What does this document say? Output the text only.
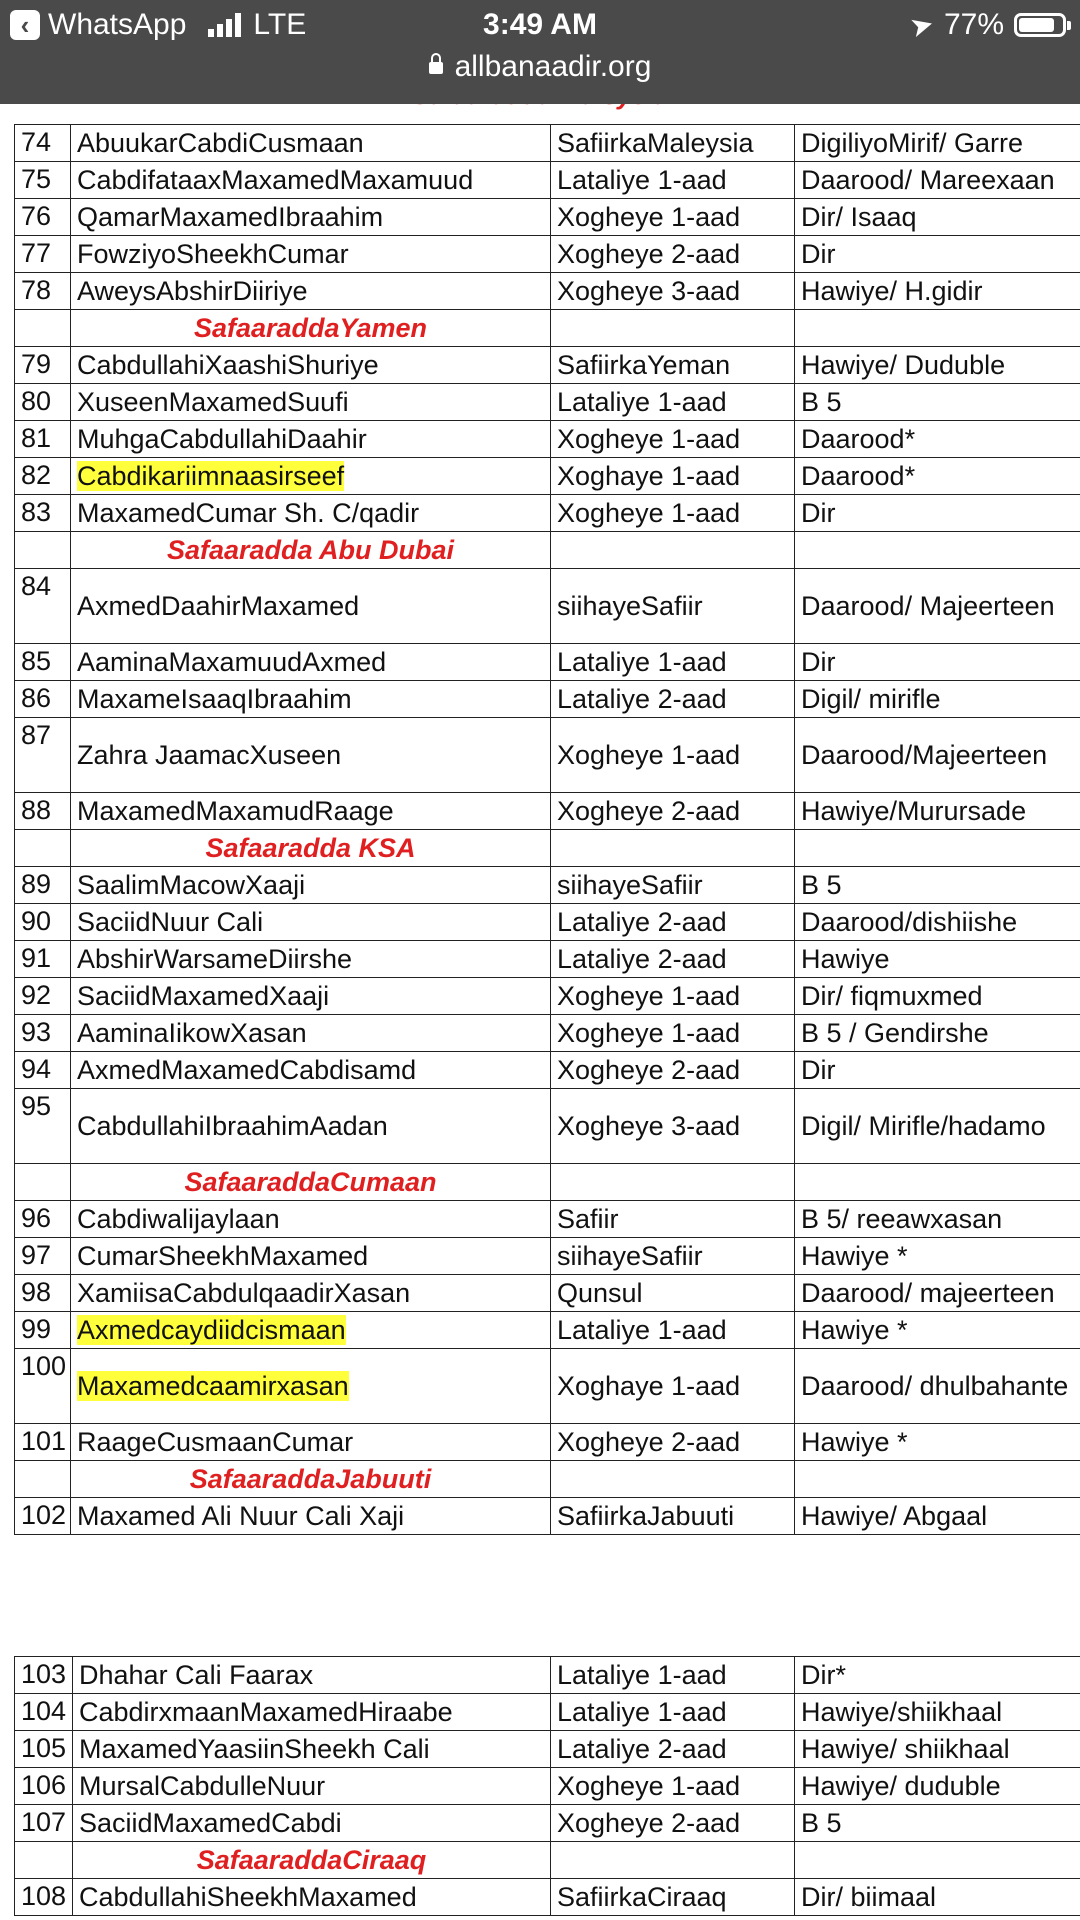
74	AbuukarCabdiCusmaan	SafiirkaMaleysia	DigiliyoMirif/ Garre
75	CabdifataaxMaxamedMaxamuud	Lataliye 1-aad	Daarood/ Mareexaan
76	QamarMaxamedIbraahim	Xogheye 1-aad	Dir/ Isaaq
77	FowziyoSheekhCumar	Xogheye 2-aad	Dir
78	AweysAbshirDiiriye	Xogheye 3-aad	Hawiye/ H.gidir
	SafaaraddaYamen		
79	CabdullahiXaashiShuriye	SafiirkaYeman	Hawiye/ Duduble
80	XuseenMaxamedSuufi	Lataliye 1-aad	B 5
81	MuhgaCabdullahiDaahir	Xogheye 1-aad	Daarood*
82	Cabdikariimnaasirseef	Xoghaye 1-aad	Daarood*
83	MaxamedCumar Sh. C/qadir	Xogheye 1-aad	Dir
	Safaaradda Abu Dubai		
84	AxmedDaahirMaxamed	siihayeSafiir	Daarood/ Majeerteen
85	AaminaMaxamuudAxmed	Lataliye 1-aad	Dir
86	MaxameIsaaqIbraahim	Lataliye 2-aad	Digil/ mirifle
87	Zahra JaamacXuseen	Xogheye 1-aad	Daarood/Majeerteen
88	MaxamedMaxamudRaage	Xogheye 2-aad	Hawiye/Murursade
	Safaaradda KSA		
89	SaalimMacowXaaji	siihayeSafiir	B 5
90	SaciidNuur Cali	Lataliye 2-aad	Daarood/dishiishe
91	AbshirWarsameDiirshe	Lataliye 2-aad	Hawiye
92	SaciidMaxamedXaaji	Xogheye 1-aad	Dir/ fiqmuxmed
93	AaminaIikowXasan	Xogheye 1-aad	B 5 / Gendirshe
94	AxmedMaxamedCabdisamd	Xogheye 2-aad	Dir
95	CabdullahiIbraahimAadan	Xogheye 3-aad	Digil/ Mirifle/hadamo
	SafaaraddaCumaan		
96	Cabdiwalijaylaan	Safiir	B 5/ reeawxasan
97	CumarSheekhMaxamed	siihayeSafiir	Hawiye *
98	XamiisaCabdulqaadirXasan	Qunsul	Daarood/ majeerteen
99	Axmedcaydiidcismaan	Lataliye 1-aad	Hawiye *
100	Maxamedcaamirxasan	Xoghaye 1-aad	Daarood/ dhulbahante
101	RaageCusmaanCumar	Xogheye 2-aad	Hawiye *
	SafaaraddaJabuuti		
102	Maxamed Ali Nuur Cali Xaji	SafiirkaJabuuti	Hawiye/ Abgaal
103	Dhahar Cali Faarax	Lataliye 1-aad	Dir*
104	CabdirxmaanMaxamedHiraabe	Lataliye 1-aad	Hawiye/shiikhaal
105	MaxamedYaasiinSheekh Cali	Lataliye 2-aad	Hawiye/ shiikhaal
106	MursalCabdulleNuur	Xogheye 1-aad	Hawiye/ duduble
107	SaciidMaxamedCabdi	Xogheye 2-aad	B 5
	SafaaraddaCiraaq		
108	CabdullahiSheekhMaxamed	SafiirkaCiraaq	Dir/ biimaal
‹ WhatsApp LTE	3:49 AM	➤ 77%
allbanaadir.org
